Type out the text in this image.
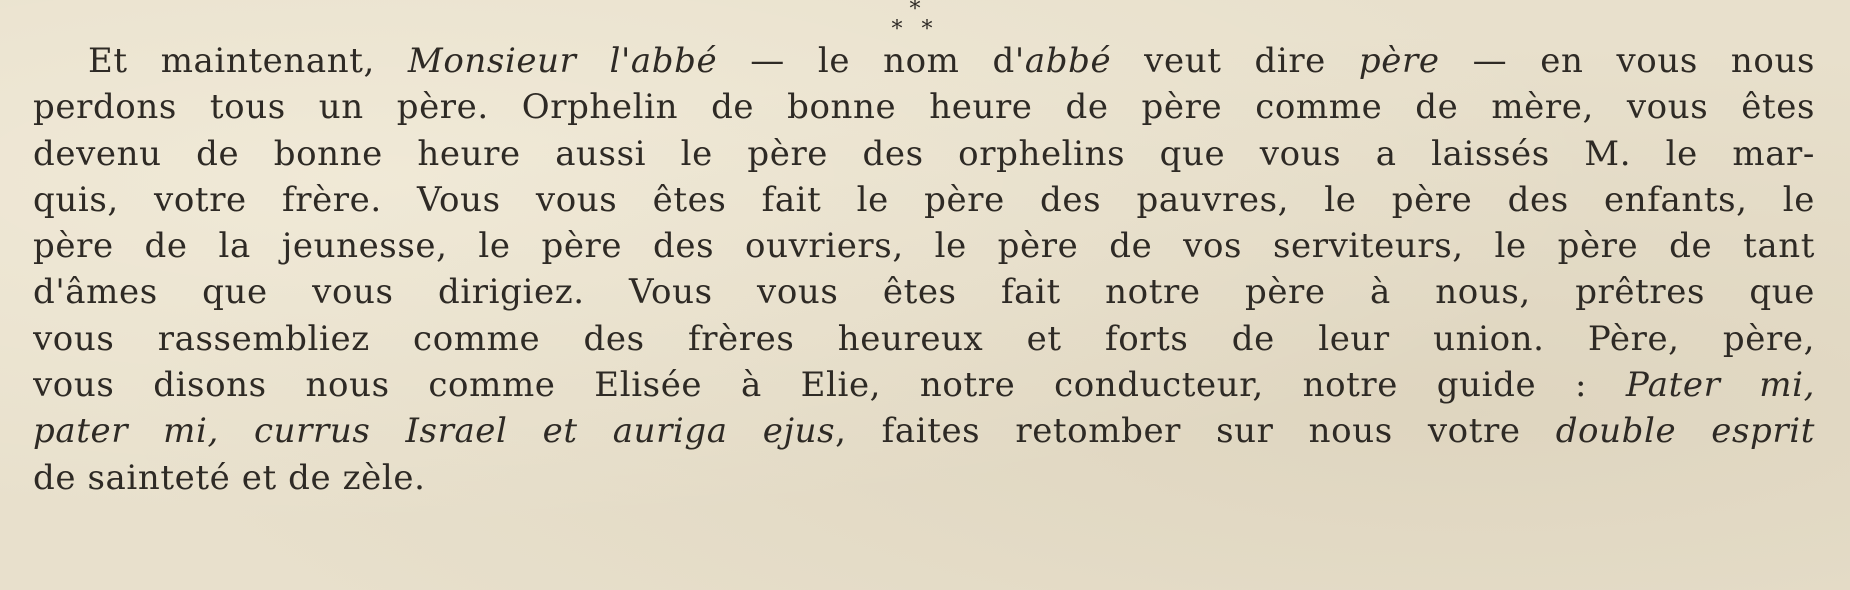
*
* *
Et maintenant, Monsieur l'abbé — le nom d'abbé veut dire père — en vous nous
perdons tous un père. Orphelin de bonne heure de père comme de mère, vous êtes
devenu de bonne heure aussi le père des orphelins que vous a laissés M. le mar-
quis, votre frère. Vous vous êtes fait le père des pauvres, le père des enfants, le
père de la jeunesse, le père des ouvriers, le père de vos serviteurs, le père de tant
d'âmes que vous dirigiez. Vous vous êtes fait notre père à nous, prêtres que
vous rassembliez comme des frères heureux et forts de leur union. Père, père,
vous disons nous comme Elisée à Elie, notre conducteur, notre guide : Pater mi,
pater mi, currus Israel et auriga ejus, faites retomber sur nous votre double esprit
de sainteté et de zèle.
